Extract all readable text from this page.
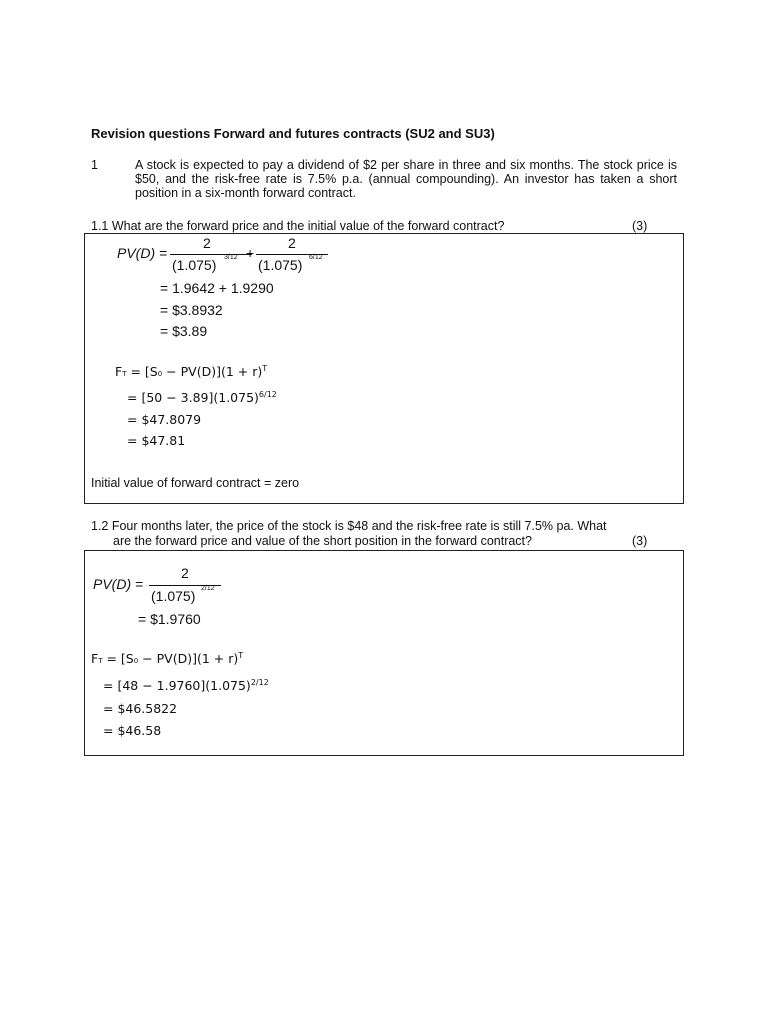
Revision questions Forward and futures contracts (SU2 and SU3)
1	A stock is expected to pay a dividend of $2 per share in three and six months. The stock price is $50, and the risk-free rate is 7.5% p.a. (annual compounding). An investor has taken a short position in a six-month forward contract.
1.1 What are the forward price and the initial value of the forward contract?	(3)
PV(D) =
2
(1.075) 3/12 +
2
(1.075) 6/12
= 1.9642 + 1.9290
= $3.8932
= $3.89
FT = $[S0 - PV(D)](1 + r)^T$
= $[50 - 3.89](1.075)^{6/12}$
= $47.8079
= $47.81
Initial value of forward contract = zero
1.2 Four months later, the price of the stock is $48 and the risk-free rate is still 7.5% pa. What
are the forward price and value of the short position in the forward contract?	(3)
PV(D) =
2
(1.075) 2/12
= $1.9760
FT = $[S0 - PV(D)](1 + r)^T$
= $[48 - 1.9760](1.075)^{2/12}$
= $46.5822
= $46.58
